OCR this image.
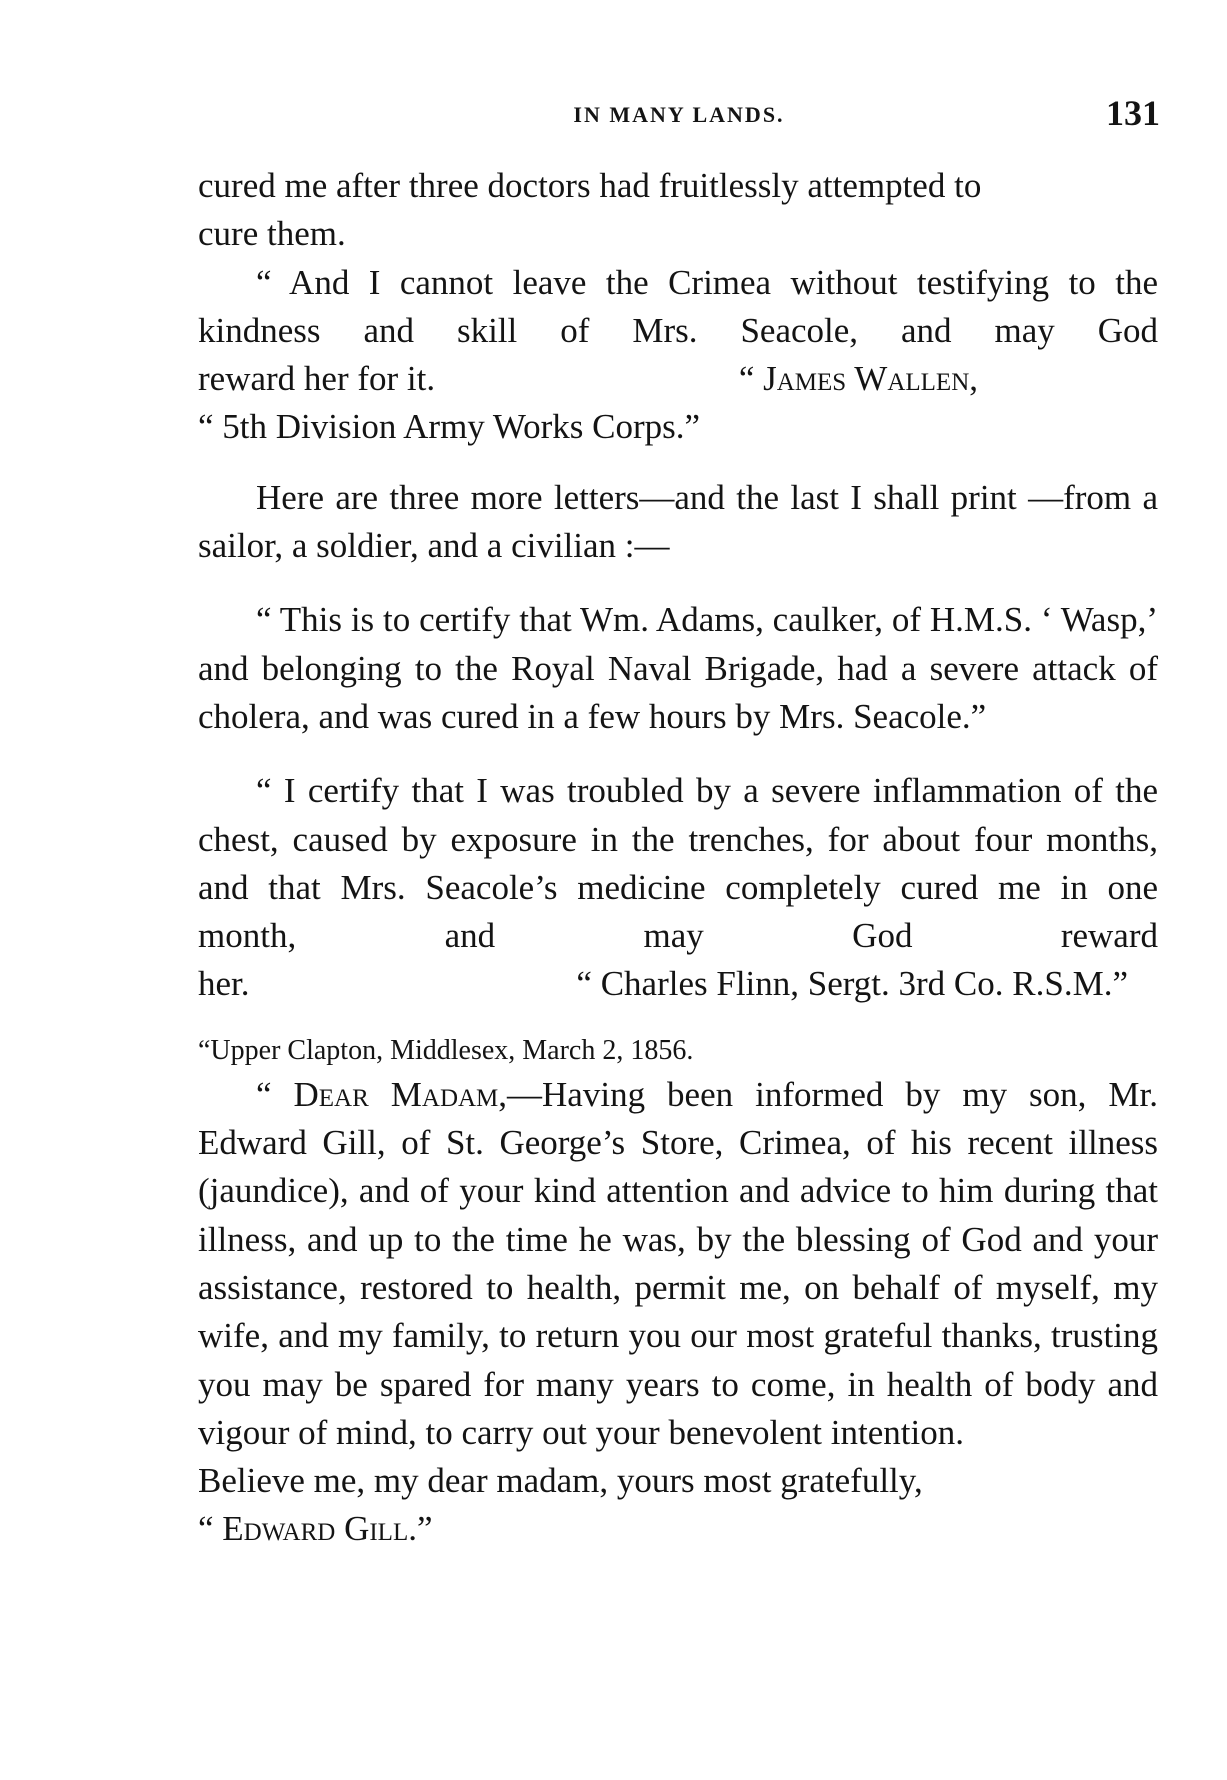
IN MANY LANDS.	131

cured me after three doctors had fruitlessly attempted to

cure them.

“ And I cannot leave the Crimea without testifying to the kindness and skill of Mrs. Seacole, and may God

reward her for it.	“ James Wallen,

“ 5th Division Army Works Corps.”

Here are three more letters—and the last I shall print —from a sailor, a soldier, and a civilian :—

“ This is to certify that Wm. Adams, caulker, of H.M.S. ‘ Wasp,’ and belonging to the Royal Naval Brigade, had a severe attack of cholera, and was cured in a few hours by Mrs. Seacole.”

“ I certify that I was troubled by a severe inflammation of the chest, caused by exposure in the trenches, for about four months, and that Mrs. Seacole’s medicine completely cured me in one month, and may God reward

her.	“ Charles Flinn, Sergt. 3rd Co. R.S.M.”

“Upper Clapton, Middlesex, March 2, 1856.

“ Dear Madam,—Having been informed by my son, Mr. Edward Gill, of St. George’s Store, Crimea, of his recent illness (jaundice), and of your kind attention and advice to him during that illness, and up to the time he was, by the blessing of God and your assistance, restored to health, permit me, on behalf of myself, my wife, and my family, to return you our most grateful thanks, trusting you may be spared for many years to come, in health of body and vigour of mind, to carry out your benevolent intention.

Believe me, my dear madam, yours most gratefully,

“ Edward Gill.”
